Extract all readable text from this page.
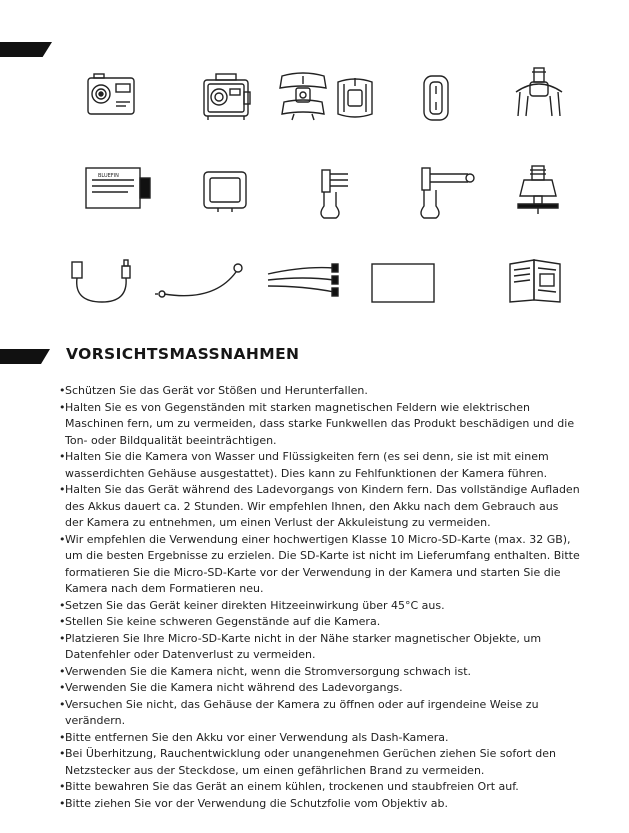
BLUEFIN
VORSICHTSMASSNAHMEN
• Schützen Sie das Gerät vor Stößen und Herunterfallen.
• Halten Sie es von Gegenständen mit starken magnetischen Feldern wie elektrischen Maschinen fern, um zu vermeiden, dass starke Funkwellen das Produkt beschädigen und die Ton- oder Bildqualität beeinträchtigen.
• Halten Sie die Kamera von Wasser und Flüssigkeiten fern (es sei denn, sie ist mit einem wasserdichten Gehäuse ausgestattet). Dies kann zu Fehlfunktionen der Kamera führen.
• Halten Sie das Gerät während des Ladevorgangs von Kindern fern. Das vollständige Aufladen des Akkus dauert ca. 2 Stunden. Wir empfehlen Ihnen, den Akku nach dem Gebrauch aus der Kamera zu entnehmen, um einen Verlust der Akkuleistung zu vermeiden.
• Wir empfehlen die Verwendung einer hochwertigen Klasse 10 Micro-SD-Karte (max. 32 GB), um die besten Ergebnisse zu erzielen. Die SD-Karte ist nicht im Lieferumfang enthalten. Bitte formatieren Sie die Micro-SD-Karte vor der Verwendung in der Kamera und starten Sie die Kamera nach dem Formatieren neu.
• Setzen Sie das Gerät keiner direkten Hitzeeinwirkung über 45°C aus.
• Stellen Sie keine schweren Gegenstände auf die Kamera.
• Platzieren Sie Ihre Micro-SD-Karte nicht in der Nähe starker magnetischer Objekte, um Datenfehler oder Datenverlust zu vermeiden.
• Verwenden Sie die Kamera nicht, wenn die Stromversorgung schwach ist.
• Verwenden Sie die Kamera nicht während des Ladevorgangs.
• Versuchen Sie nicht, das Gehäuse der Kamera zu öffnen oder auf irgendeine Weise zu verändern.
• Bitte entfernen Sie den Akku vor einer Verwendung als Dash-Kamera.
• Bei Überhitzung, Rauchentwicklung oder unangenehmen Gerüchen ziehen Sie sofort den Netzstecker aus der Steckdose, um einen gefährlichen Brand zu vermeiden.
• Bitte bewahren Sie das Gerät an einem kühlen, trockenen und staubfreien Ort auf.
• Bitte ziehen Sie vor der Verwendung die Schutzfolie vom Objektiv ab.
